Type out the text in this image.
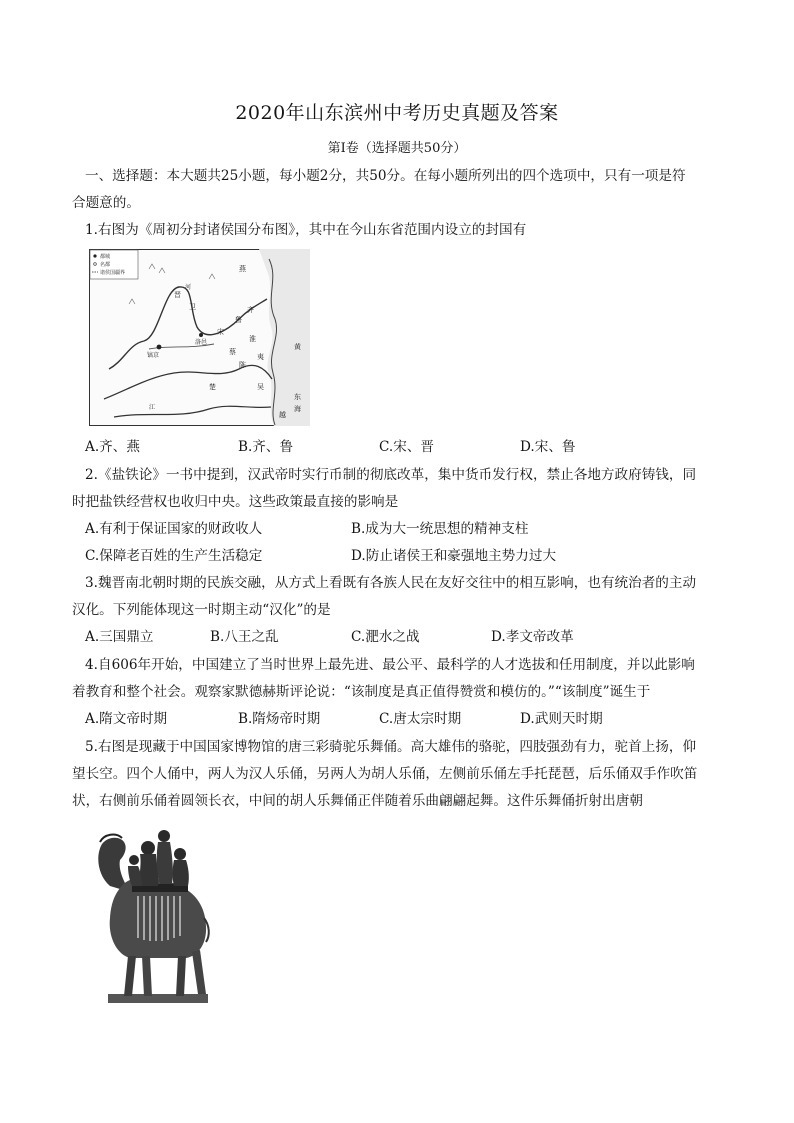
2020年山东滨州中考历史真题及答案
第I卷（选择题共50分）
一、选择题：本大题共25小题，每小题2分，共50分。在每小题所列出的四个选项中，只有一项是符
合题意的。
1.右图为《周初分封诸侯国分布图》，其中在今山东省范围内设立的封国有
都城
名都
诸侯国疆界	燕
卫
鲁
齐
宋
晋
镐京
洛邑
楚
蔡
吴
淮
夷
越
河
江
东
海
黄
陈
A.齐、燕	B.齐、鲁	C.宋、晋	D.宋、鲁
2.《盐铁论》一书中提到，汉武帝时实行币制的彻底改革，集中货币发行权，禁止各地方政府铸钱，同
时把盐铁经营权也收归中央。这些政策最直接的影响是
A.有利于保证国家的财政收人	B.成为大一统思想的精神支柱
C.保障老百姓的生产生活稳定	D.防止诸侯王和豪强地主势力过大
3.魏晋南北朝时期的民族交融，从方式上看既有各族人民在友好交往中的相互影响，也有统治者的主动
汉化。下列能体现这一时期主动“汉化”的是
A.三国鼎立	B.八王之乱	C.淝水之战	D.孝文帝改革
4.自606年开始，中国建立了当时世界上最先进、最公平、最科学的人才选拔和任用制度，并以此影响
着教育和整个社会。观察家默德赫斯评论说：“该制度是真正值得赞赏和模仿的。”“该制度”诞生于
A.隋文帝时期	B.隋炀帝时期	C.唐太宗时期	D.武则天时期
5.右图是现藏于中国国家博物馆的唐三彩骑驼乐舞俑。高大雄伟的骆驼，四肢强劲有力，驼首上扬，仰
望长空。四个人俑中，两人为汉人乐俑，另两人为胡人乐俑，左侧前乐俑左手托琵琶，后乐俑双手作吹笛
状，右侧前乐俑着圆领长衣，中间的胡人乐舞俑正伴随着乐曲翩翩起舞。这件乐舞俑折射出唐朝
